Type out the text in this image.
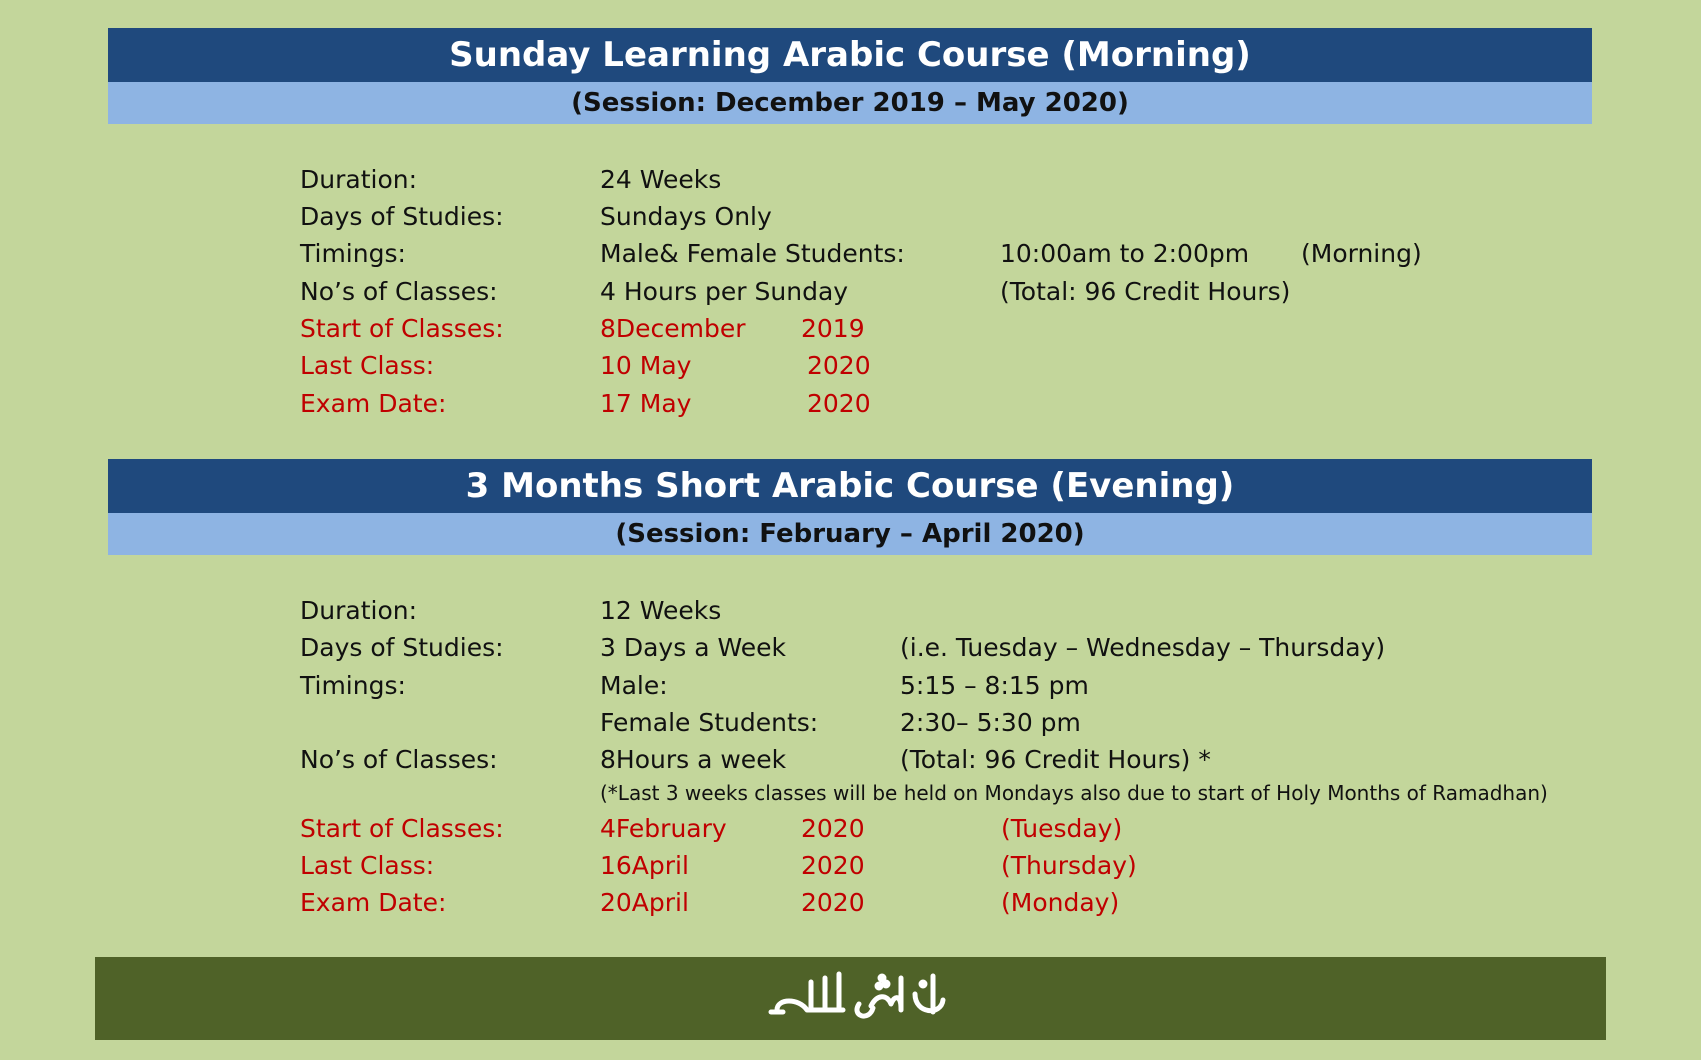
Sunday Learning Arabic Course (Morning)
(Session: December 2019 – May 2020)
Duration:	24 Weeks
Days of Studies:	Sundays Only
Timings:	Male& Female Students:	10:00am to 2:00pm (Morning)
No’s of Classes:	4 Hours per Sunday	(Total: 96 Credit Hours)
Start of Classes:	8December 2019
Last Class:	10 May	2020
Exam Date:	17 May	2020
3 Months Short Arabic Course (Evening)
(Session: February – April 2020)
Duration:	12 Weeks
Days of Studies:	3 Days a Week	(i.e. Tuesday – Wednesday – Thursday)
Timings:	Male:	5:15 – 8:15 pm
Female Students:	2:30– 5:30 pm
No’s of Classes:	8Hours a week	(Total: 96 Credit Hours) *
(*Last 3 weeks classes will be held on Mondays also due to start of Holy Months of Ramadhan)
Start of Classes:	4February	2020	(Tuesday)
Last Class:	16April	2020	(Thursday)
Exam Date:	20April	2020	(Monday)
